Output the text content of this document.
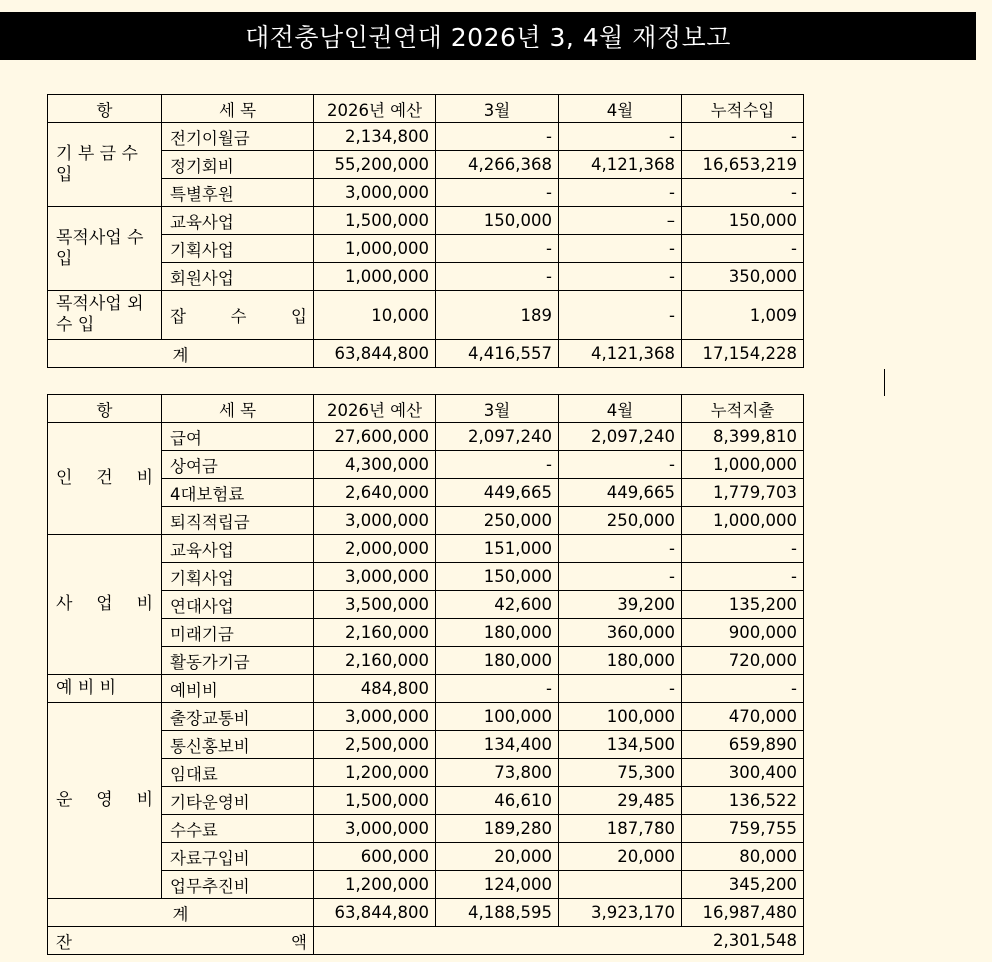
대전충남인권연대 2026년 3, 4월 재정보고
항	세 목	2026년 예산	3월	4월	누적수입
기 부 금 수 입	전기이월금	2,134,800	-	-	-
	정기회비	55,200,000	4,266,368	4,121,368	16,653,219
	특별후원	3,000,000	-	-	-
목적사업 수입	교육사업	1,500,000	150,000	–	150,000
	기획사업	1,000,000	-	-	-
	회원사업	1,000,000	-	-	350,000
목적사업 외 수 입	잡 수 입	10,000	189	-	1,009
계		63,844,800	4,416,557	4,121,368	17,154,228
항	세 목	2026년 예산	3월	4월	누적지출
인 건 비	급여	27,600,000	2,097,240	2,097,240	8,399,810
	상여금	4,300,000	-	-	1,000,000
	4대보험료	2,640,000	449,665	449,665	1,779,703
	퇴직적립금	3,000,000	250,000	250,000	1,000,000
사 업 비	교육사업	2,000,000	151,000	-	-
	기획사업	3,000,000	150,000	-	-
	연대사업	3,500,000	42,600	39,200	135,200
	미래기금	2,160,000	180,000	360,000	900,000
	활동가기금	2,160,000	180,000	180,000	720,000
예 비 비	예비비	484,800	-	-	-
운 영 비	출장교통비	3,000,000	100,000	100,000	470,000
	통신홍보비	2,500,000	134,400	134,500	659,890
	임대료	1,200,000	73,800	75,300	300,400
	기타운영비	1,500,000	46,610	29,485	136,522
	수수료	3,000,000	189,280	187,780	759,755
	자료구입비	600,000	20,000	20,000	80,000
	업무추진비	1,200,000	124,000		345,200
계		63,844,800	4,188,595	3,923,170	16,987,480
잔 액		2,301,548			
